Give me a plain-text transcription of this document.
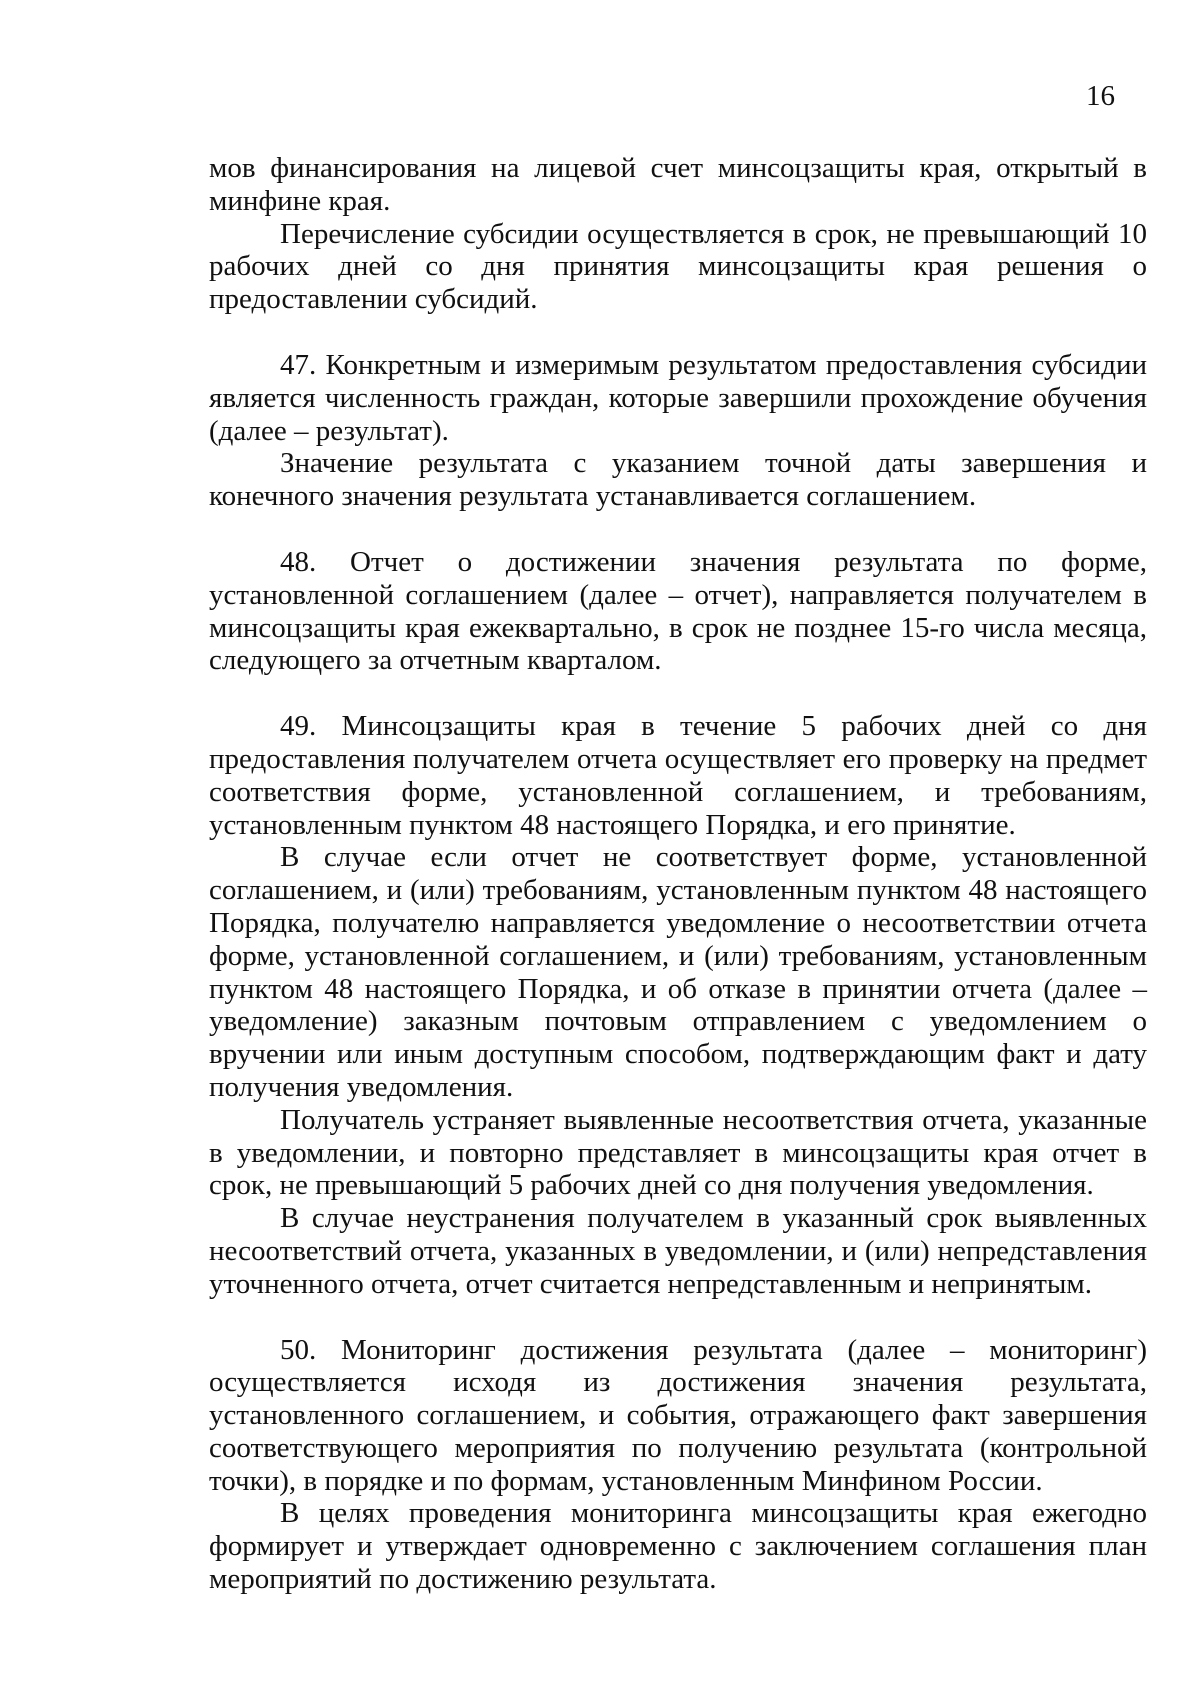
16

мов финансирования на лицевой счет минсоцзащиты края, открытый в минфине края.

Перечисление субсидии осуществляется в срок, не превышающий 10 рабочих дней со дня принятия минсоцзащиты края решения о предоставлении субсидий.

47. Конкретным и измеримым результатом предоставления субсидии является численность граждан, которые завершили прохождение обучения (далее – результат).

Значение результата с указанием точной даты завершения и конечного значения результата устанавливается соглашением.

48. Отчет о достижении значения результата по форме, установленной соглашением (далее – отчет), направляется получателем в минсоцзащиты края ежеквартально, в срок не позднее 15-го числа месяца, следующего за отчетным кварталом.

49. Минсоцзащиты края в течение 5 рабочих дней со дня предоставления получателем отчета осуществляет его проверку на предмет соответствия форме, установленной соглашением, и требованиям, установленным пунктом 48 настоящего Порядка, и его принятие.

В случае если отчет не соответствует форме, установленной соглашением, и (или) требованиям, установленным пунктом 48 настоящего Порядка, получателю направляется уведомление о несоответствии отчета форме, установленной соглашением, и (или) требованиям, установленным пунктом 48 настоящего Порядка, и об отказе в принятии отчета (далее – уведомление) заказным почтовым отправлением с уведомлением о вручении или иным доступным способом, подтверждающим факт и дату получения уведомления.

Получатель устраняет выявленные несоответствия отчета, указанные в уведомлении, и повторно представляет в минсоцзащиты края отчет в срок, не превышающий 5 рабочих дней со дня получения уведомления.

В случае неустранения получателем в указанный срок выявленных несоответствий отчета, указанных в уведомлении, и (или) непредставления уточненного отчета, отчет считается непредставленным и непринятым.

50. Мониторинг достижения результата (далее – мониторинг) осуществляется исходя из достижения значения результата, установленного соглашением, и события, отражающего факт завершения соответствующего мероприятия по получению результата (контрольной точки), в порядке и по формам, установленным Минфином России.

В целях проведения мониторинга минсоцзащиты края ежегодно формирует и утверждает одновременно с заключением соглашения план мероприятий по достижению результата.
